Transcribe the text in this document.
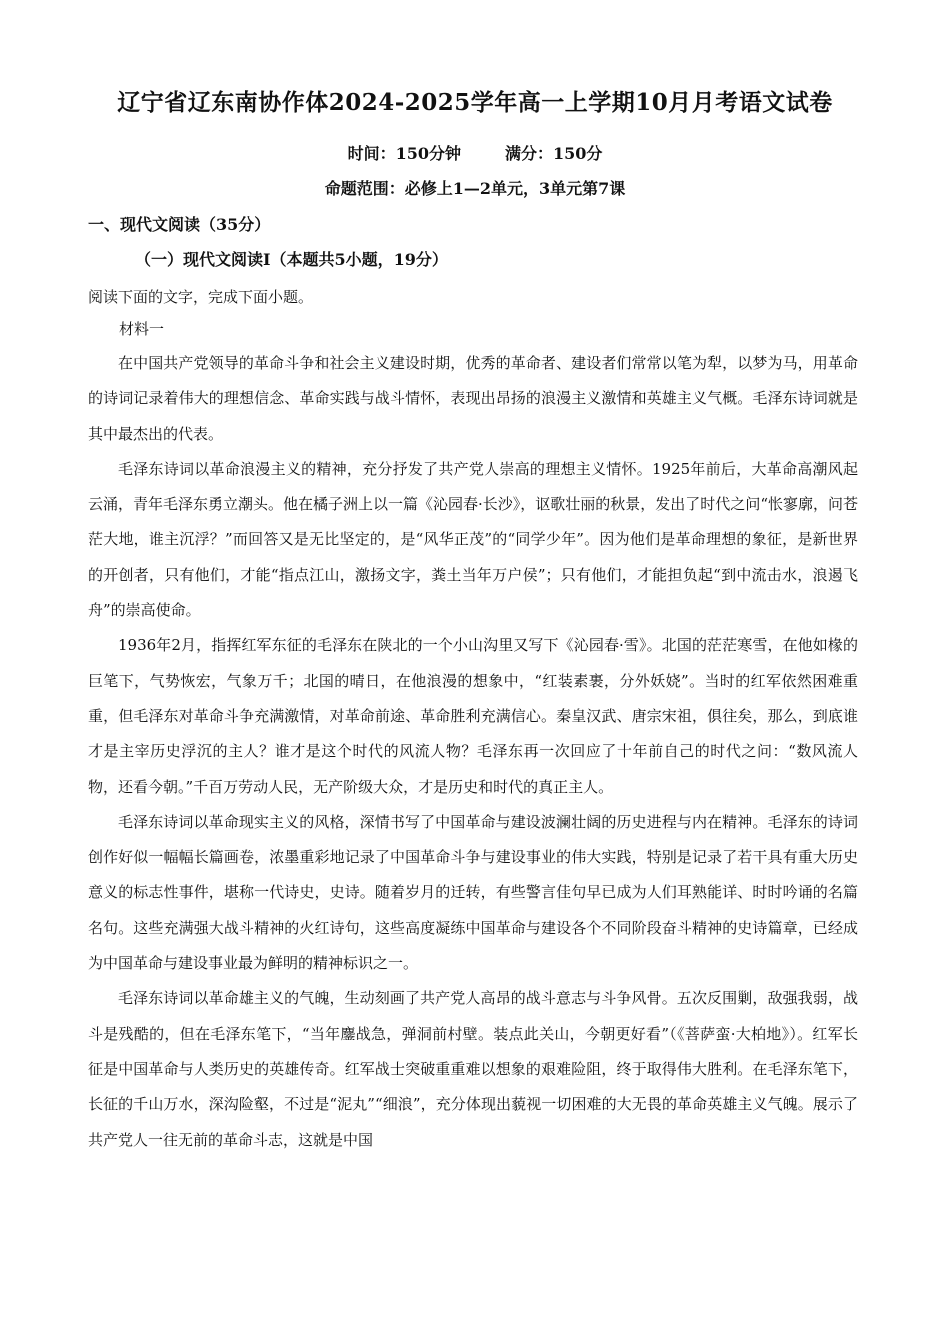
辽宁省辽东南协作体2024-2025学年高一上学期10月月考语文试卷
时间：150分钟	满分：150分
命题范围：必修上1—2单元，3单元第7课
一、现代文阅读（35分）
（一）现代文阅读Ⅰ（本题共5小题，19分）
阅读下面的文字，完成下面小题。
材料一

在中国共产党领导的革命斗争和社会主义建设时期，优秀的革命者、建设者们常常以笔为犁，以梦为马，用革命的诗词记录着伟大的理想信念、革命实践与战斗情怀，表现出昂扬的浪漫主义激情和英雄主义气概。毛泽东诗词就是其中最杰出的代表。

毛泽东诗词以革命浪漫主义的精神，充分抒发了共产党人崇高的理想主义情怀。1925年前后，大革命高潮风起云涌，青年毛泽东勇立潮头。他在橘子洲上以一篇《沁园春·长沙》，讴歌壮丽的秋景，发出了时代之问“怅寥廓，问苍茫大地，谁主沉浮？”而回答又是无比坚定的，是“风华正茂”的“同学少年”。因为他们是革命理想的象征，是新世界的开创者，只有他们，才能“指点江山，激扬文字，粪土当年万户侯”；只有他们，才能担负起“到中流击水，浪遏飞舟”的崇高使命。

1936年2月，指挥红军东征的毛泽东在陕北的一个小山沟里又写下《沁园春·雪》。北国的茫茫寒雪，在他如椽的巨笔下，气势恢宏，气象万千；北国的晴日，在他浪漫的想象中，“红装素裹，分外妖娆”。当时的红军依然困难重重，但毛泽东对革命斗争充满激情，对革命前途、革命胜利充满信心。秦皇汉武、唐宗宋祖，俱往矣，那么，到底谁才是主宰历史浮沉的主人？谁才是这个时代的风流人物？毛泽东再一次回应了十年前自己的时代之问：“数风流人物，还看今朝。”千百万劳动人民，无产阶级大众，才是历史和时代的真正主人。

毛泽东诗词以革命现实主义的风格，深情书写了中国革命与建设波澜壮阔的历史进程与内在精神。毛泽东的诗词创作好似一幅幅长篇画卷，浓墨重彩地记录了中国革命斗争与建设事业的伟大实践，特别是记录了若干具有重大历史意义的标志性事件，堪称一代诗史，史诗。随着岁月的迁转，有些警言佳句早已成为人们耳熟能详、时时吟诵的名篇名句。这些充满强大战斗精神的火红诗句，这些高度凝练中国革命与建设各个不同阶段奋斗精神的史诗篇章，已经成为中国革命与建设事业最为鲜明的精神标识之一。

毛泽东诗词以革命雄主义的气魄，生动刻画了共产党人高昂的战斗意志与斗争风骨。五次反围剿，敌强我弱，战斗是残酷的，但在毛泽东笔下，“当年鏖战急，弹洞前村壁。装点此关山，今朝更好看”（《菩萨蛮·大柏地》）。红军长征是中国革命与人类历史的英雄传奇。红军战士突破重重难以想象的艰难险阻，终于取得伟大胜利。在毛泽东笔下，长征的千山万水，深沟险壑，不过是“泥丸”“细浪”，充分体现出藐视一切困难的大无畏的革命英雄主义气魄。展示了共产党人一往无前的革命斗志，这就是中国
